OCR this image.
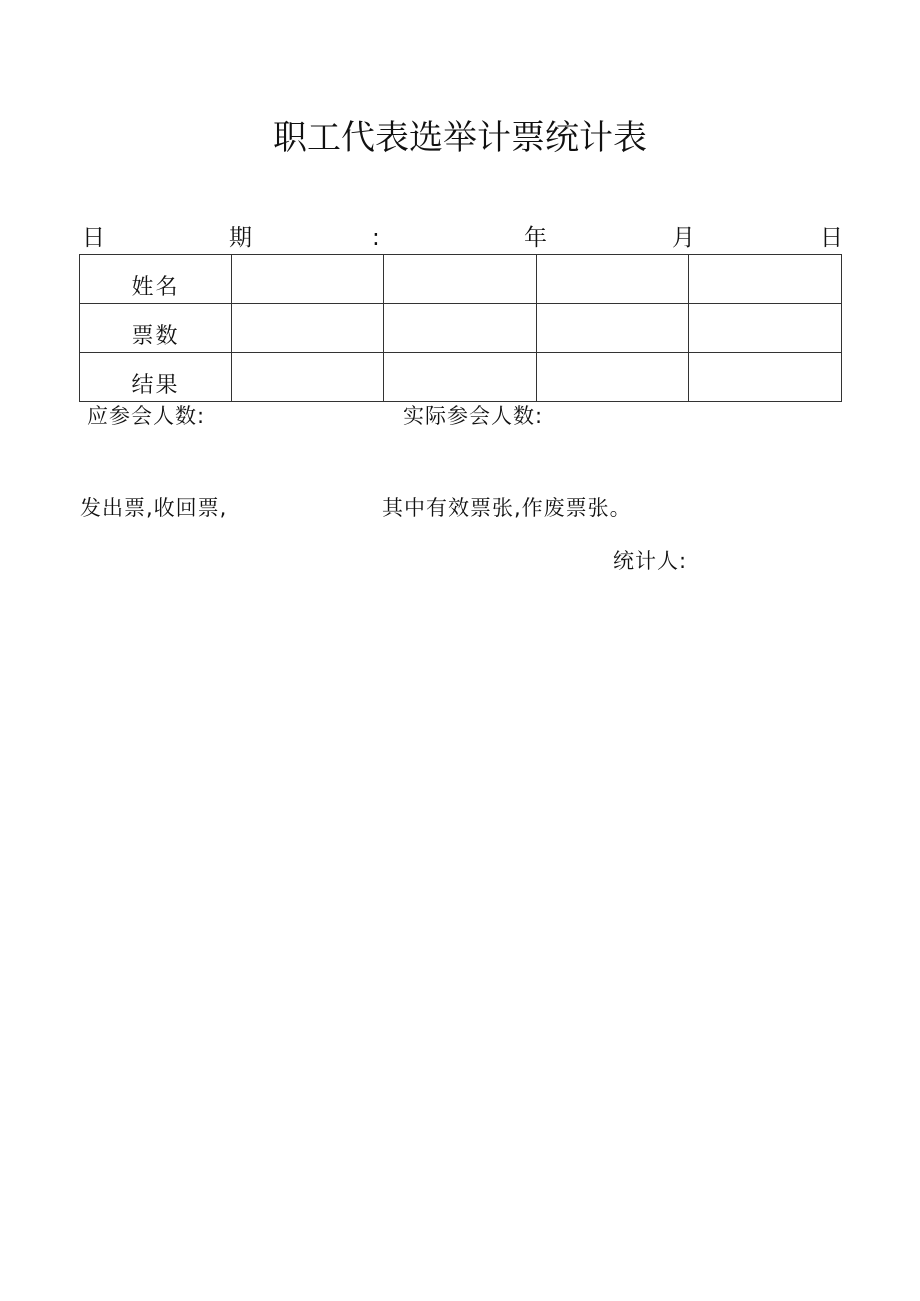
职工代表选举计票统计表
日	期	:	年	月	日
姓名				
票数				
结果				
应参会人数:	实际参会人数:
发出票,收回票,	其中有效票张,作废票张。
统计人:
